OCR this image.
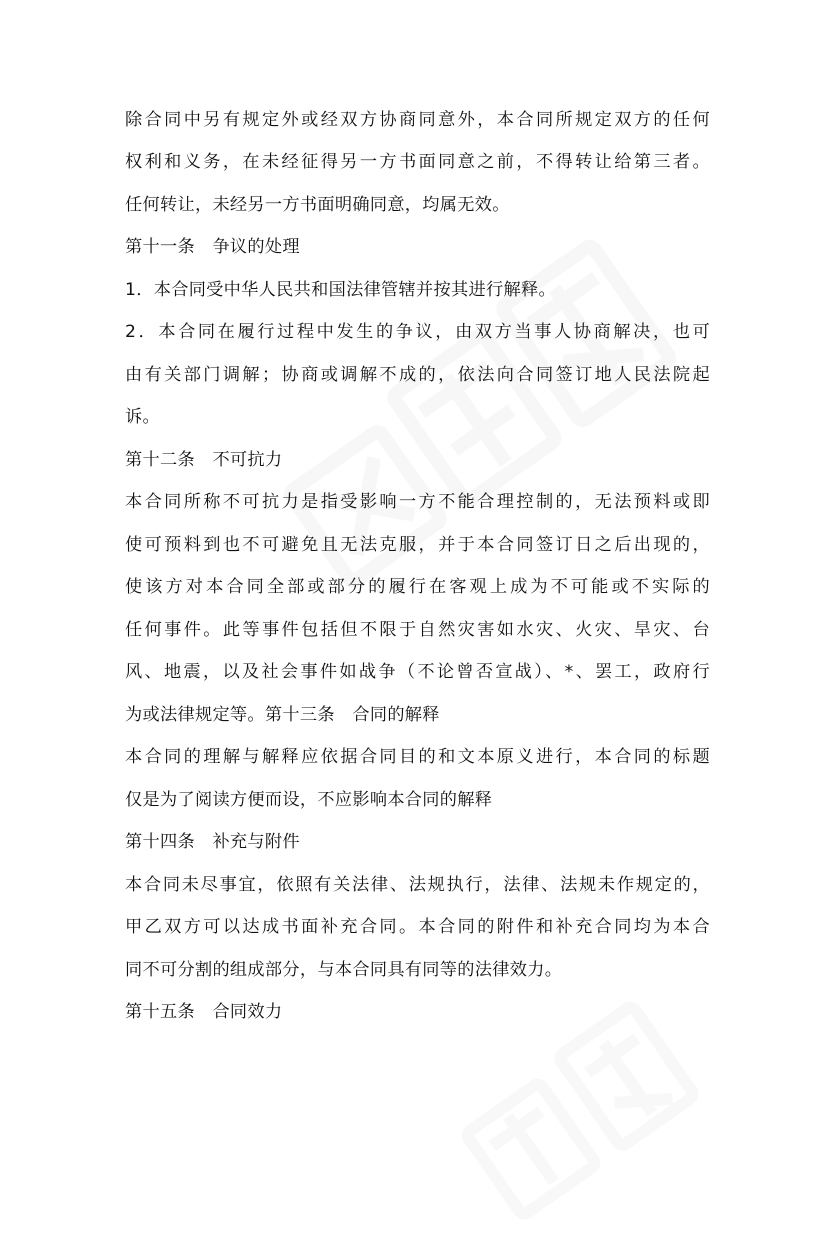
除合同中另有规定外或经双方协商同意外，本合同所规定双方的任何
权利和义务，在未经征得另一方书面同意之前，不得转让给第三者。
任何转让，未经另一方书面明确同意，均属无效。
第十一条　争议的处理
1．本合同受中华人民共和国法律管辖并按其进行解释。
2．本合同在履行过程中发生的争议，由双方当事人协商解决，也可
由有关部门调解；协商或调解不成的，依法向合同签订地人民法院起
诉。
第十二条　不可抗力
本合同所称不可抗力是指受影响一方不能合理控制的，无法预料或即
使可预料到也不可避免且无法克服，并于本合同签订日之后出现的，
使该方对本合同全部或部分的履行在客观上成为不可能或不实际的
任何事件。此等事件包括但不限于自然灾害如水灾、火灾、旱灾、台
风、地震，以及社会事件如战争（不论曾否宣战）、*、罢工，政府行
为或法律规定等。第十三条　合同的解释
本合同的理解与解释应依据合同目的和文本原义进行，本合同的标题
仅是为了阅读方便而设，不应影响本合同的解释
第十四条　补充与附件
本合同未尽事宜，依照有关法律、法规执行，法律、法规未作规定的，
甲乙双方可以达成书面补充合同。本合同的附件和补充合同均为本合
同不可分割的组成部分，与本合同具有同等的法律效力。
第十五条　合同效力
